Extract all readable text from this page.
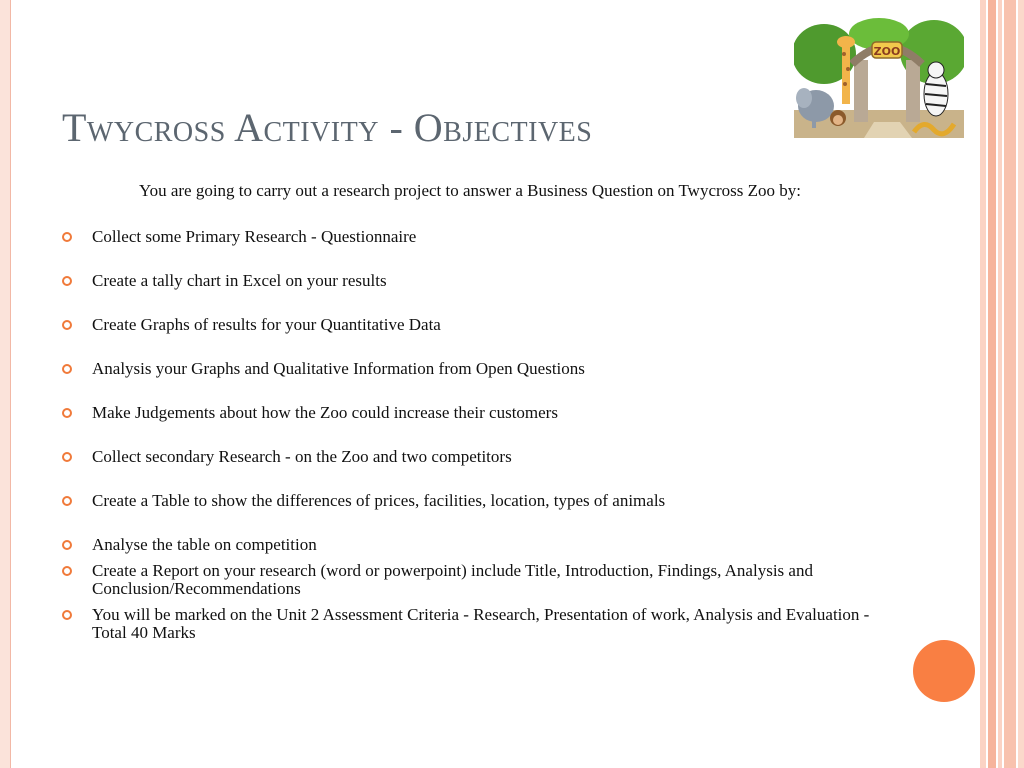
Twycross Activity - Objectives
ZOO
You are going to carry out a research project to answer a Business Question on Twycross Zoo by:
Collect some Primary Research - Questionnaire
Create a tally chart in Excel on your results
Create Graphs of results for your Quantitative Data
Analysis your Graphs and Qualitative Information from Open Questions
Make Judgements about how the Zoo could increase their customers
Collect secondary Research - on the Zoo and two competitors
Create a Table to show the differences of prices, facilities, location, types of animals
Analyse the table on competition
Create a Report on your research (word or powerpoint) include Title, Introduction, Findings, Analysis and Conclusion/Recommendations
You will be marked on the Unit 2 Assessment Criteria - Research, Presentation of work, Analysis and Evaluation - Total 40 Marks
